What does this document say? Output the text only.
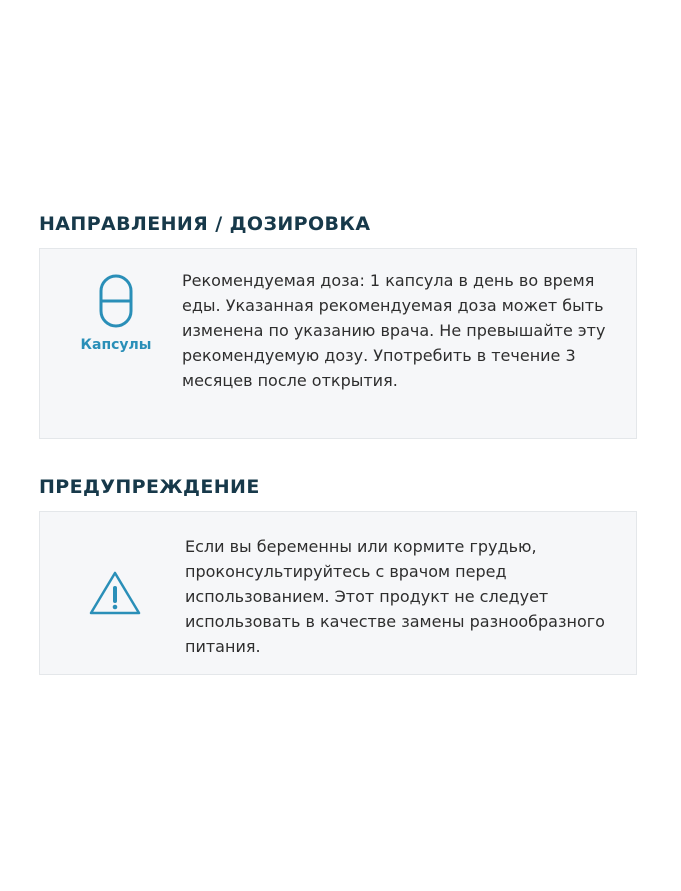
НАПРАВЛЕНИЯ / ДОЗИРОВКА
Капсулы

Рекомендуемая доза: 1 капсула в день во время еды. Указанная рекомендуемая доза может быть изменена по указанию врача. Не превышайте эту рекомендуемую дозу. Употребить в течение 3 месяцев после открытия.

ПРЕДУПРЕЖДЕНИЕ

Если вы беременны или кормите грудью, проконсультируйтесь с врачом перед использованием. Этот продукт не следует использовать в качестве замены разнообразного питания.
